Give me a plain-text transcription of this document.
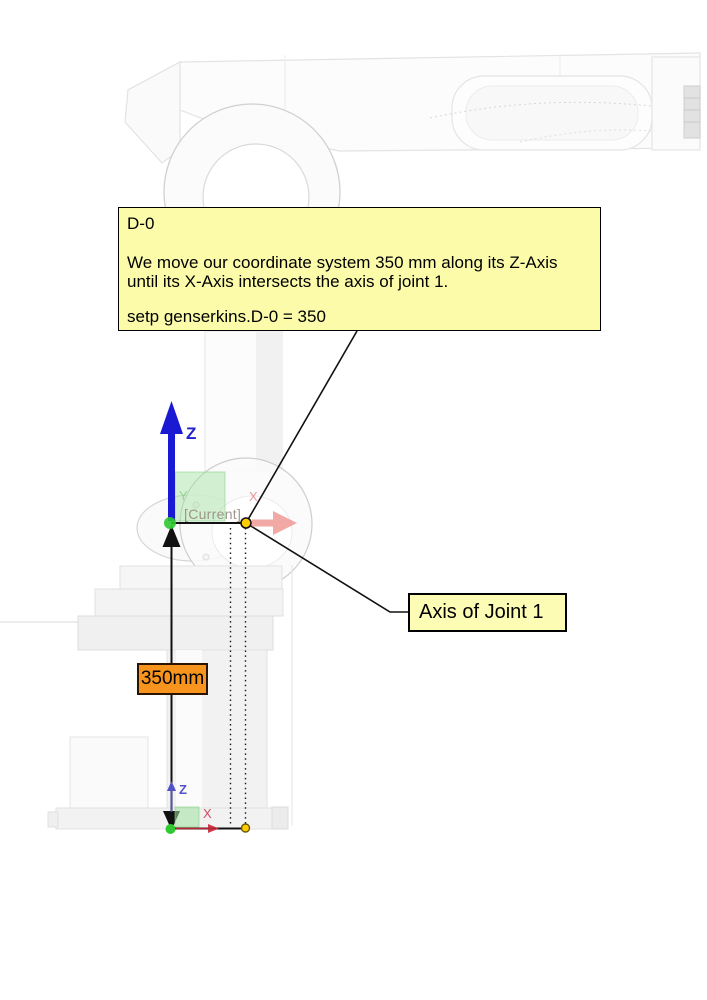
D-0
We move our coordinate system 350 mm along its Z-Axis
until its X-Axis intersects the axis of joint 1.
setp genserkins.D-0 = 350
Axis of Joint 1
350mm
[Current]
Z
X
Y
Z
X
